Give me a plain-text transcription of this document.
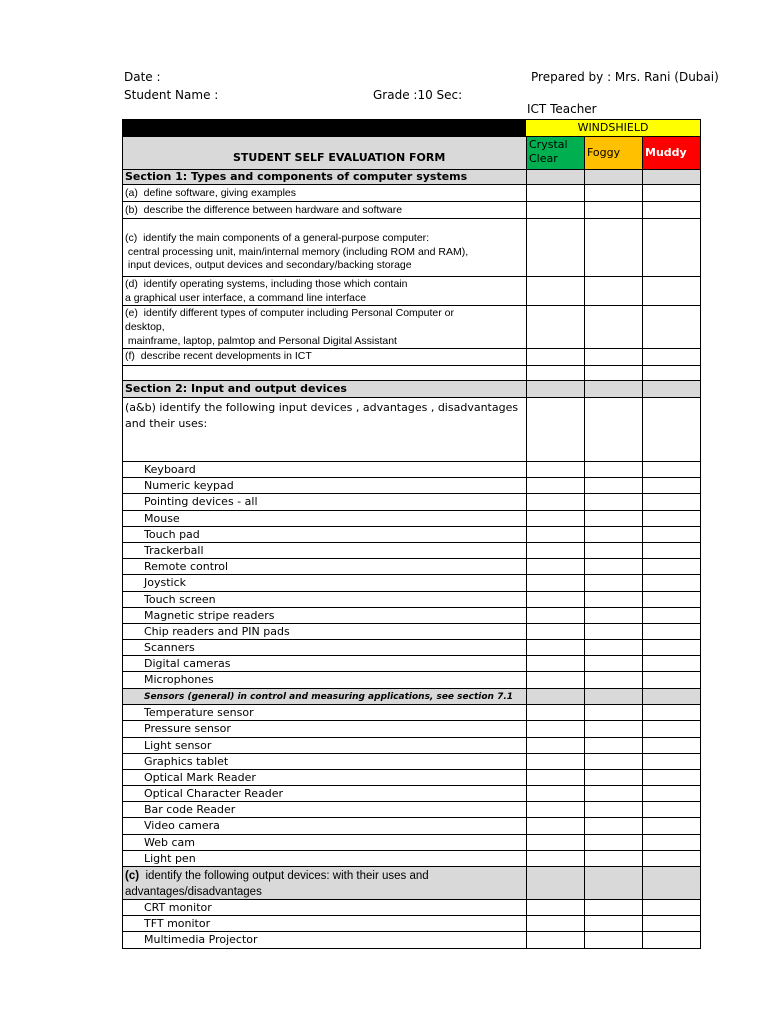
Date :
Student Name :	Grade :10 Sec:
Prepared by : Mrs. Rani (Dubai)
ICT Teacher
WINDSHIELD
STUDENT SELF EVALUATION FORM
Crystal
Clear	Foggy Muddy
Section 1: Types and components of computer systems
(a)  define software, giving examples
(b)  describe the difference between hardware and software
(c)  identify the main components of a general-purpose computer:
central processing unit, main/internal memory (including ROM and RAM),
input devices, output devices and secondary/backing storage
(d)  identify operating systems, including those which contain
a graphical user interface, a command line interface
(e)  identify different types of computer including Personal Computer or
desktop,
mainframe, laptop, palmtop and Personal Digital Assistant
(f)  describe recent developments in ICT
Section 2: Input and output devices
(a&b) identify the following input devices , advantages , disadvantages and their uses:
Keyboard
Numeric keypad
Pointing devices - all
Mouse
Touch pad
Trackerball
Remote control
Joystick
Touch screen
Magnetic stripe readers
Chip readers and PIN pads
Scanners
Digital cameras
Microphones
Sensors (general) in control and measuring applications, see section 7.1
Temperature sensor
Pressure sensor
Light sensor
Graphics tablet
Optical Mark Reader
Optical Character Reader
Bar code Reader
Video camera
Web cam
Light pen
(c)  identify the following output devices: with their uses and
advantages/disadvantages
CRT monitor
TFT monitor
Multimedia Projector
